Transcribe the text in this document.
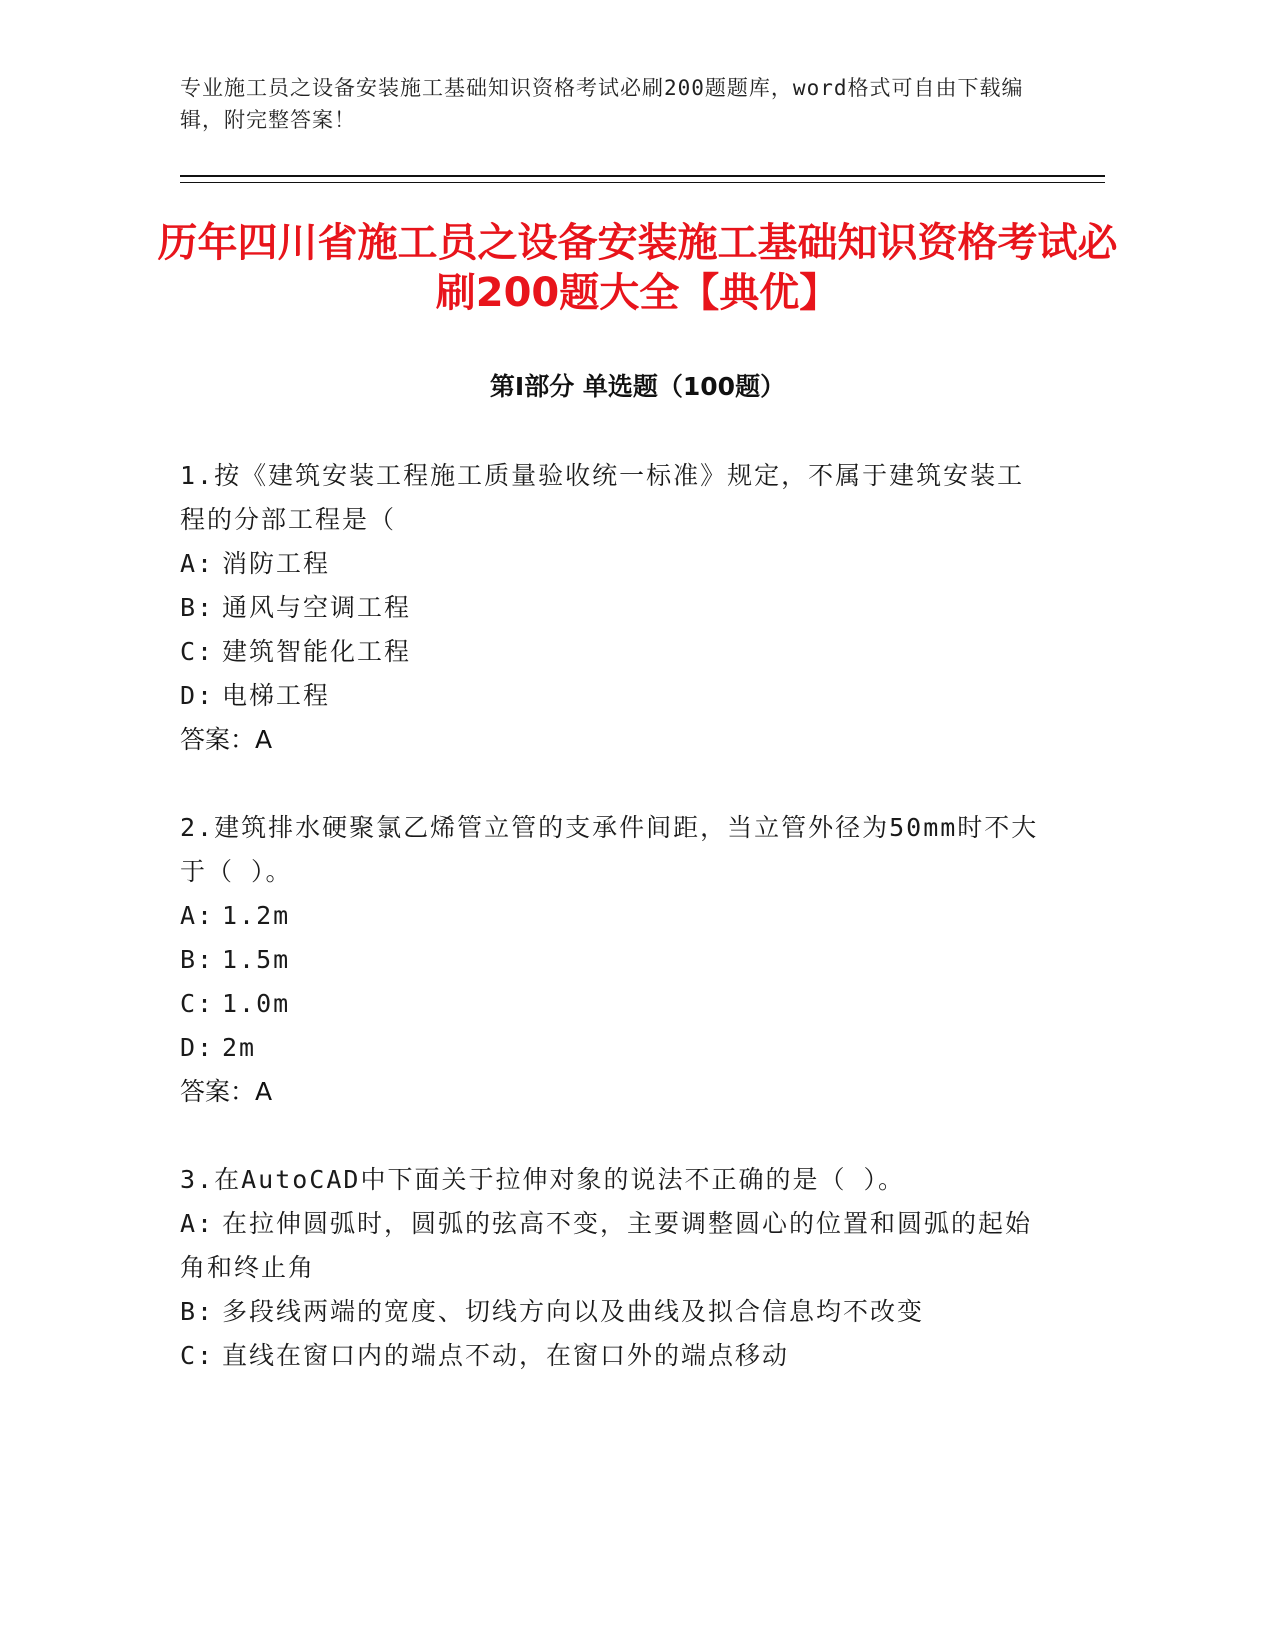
专业施工员之设备安装施工基础知识资格考试必刷200题题库，word格式可自由下载编辑，附完整答案！
历年四川省施工员之设备安装施工基础知识资格考试必刷200题大全【典优】
第Ⅰ部分 单选题（100题）

1.按《建筑安装工程施工质量验收统一标准》规定，不属于建筑安装工程的分部工程是（

A: 消防工程

B: 通风与空调工程

C: 建筑智能化工程

D: 电梯工程

答案：A

2.建筑排水硬聚氯乙烯管立管的支承件间距，当立管外径为50mm时不大于（ ）。

A: 1.2m

B: 1.5m

C: 1.0m

D: 2m

答案：A

3.在AutoCAD中下面关于拉伸对象的说法不正确的是（ ）。

A: 在拉伸圆弧时，圆弧的弦高不变，主要调整圆心的位置和圆弧的起始角和终止角

B: 多段线两端的宽度、切线方向以及曲线及拟合信息均不改变

C: 直线在窗口内的端点不动，在窗口外的端点移动
